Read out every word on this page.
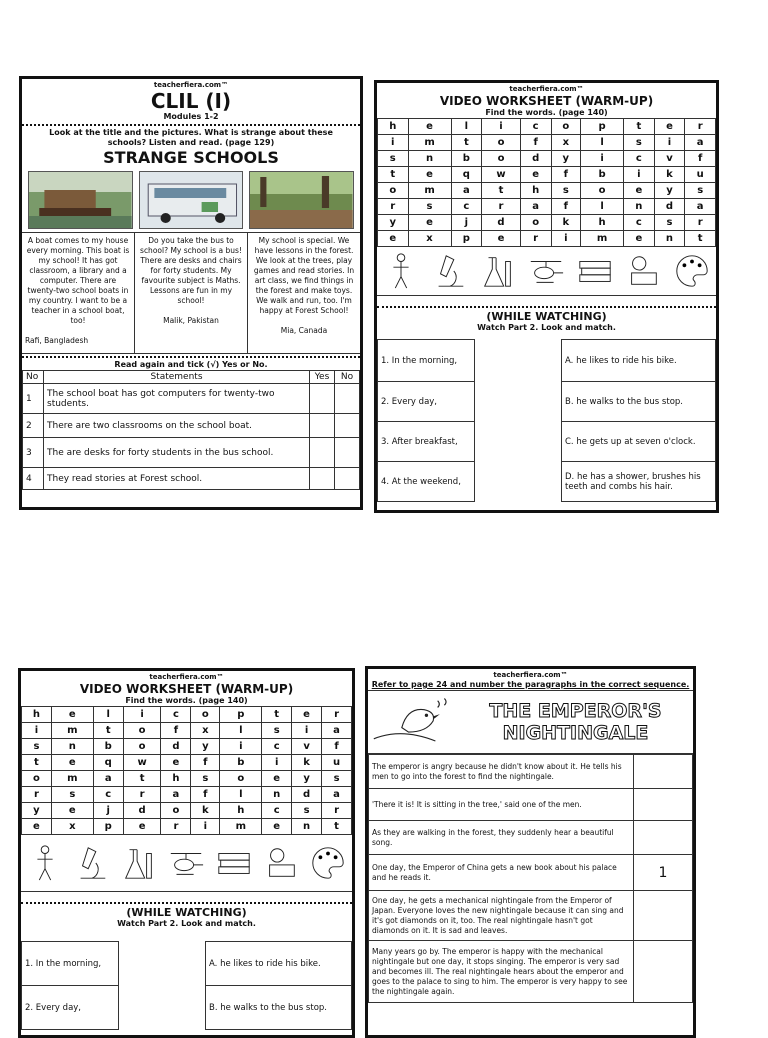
teacherfiera.com™
CLIL (I)
Modules 1-2
Look at the title and the pictures. What is strange about these schools? Listen and read. (page 129)
STRANGE SCHOOLS
A boat comes to my house every morning. This boat is my school! It has got classroom, a library and a computer. There are twenty-two school boats in my country. I want to be a teacher in a school boat, too!

Rafi, Bangladesh
Do you take the bus to school? My school is a bus! There are desks and chairs for forty students. My favourite subject is Maths. Lessons are fun in my school!

Malik, Pakistan
My school is special. We have lessons in the forest. We look at the trees, play games and read stories. In art class, we find things in the forest and make toys. We walk and run, too. I'm happy at Forest School!

Mia, Canada
Read again and tick (√) Yes or No.
No	Statements	Yes	No
1	The school boat has got computers for twenty-two students.		
2	There are two classrooms on the school boat.		
3	The are desks for forty students in the bus school.		
4	They read stories at Forest school.		
teacherfiera.com™
VIDEO WORKSHEET (WARM-UP)
Find the words. (page 140)
h	e	l	i	c	o	p	t	e	r
i	m	t	o	f	x	l	s	i	a
s	n	b	o	d	y	i	c	v	f
t	e	q	w	e	f	b	i	k	u
o	m	a	t	h	s	o	e	y	s
r	s	c	r	a	f	l	n	d	a
y	e	j	d	o	k	h	c	s	r
e	x	p	e	r	i	m	e	n	t
(WHILE WATCHING)
Watch Part 2. Look and match.
1. In the morning,		A. he likes to ride his bike.
2. Every day,		B. he walks to the bus stop.
3. After breakfast,		C. he gets up at seven o'clock.
4. At the weekend,		D. he has a shower, brushes his teeth and combs his hair.
teacherfiera.com™
VIDEO WORKSHEET (WARM-UP)
Find the words. (page 140)
h	e	l	i	c	o	p	t	e	r
i	m	t	o	f	x	l	s	i	a
s	n	b	o	d	y	i	c	v	f
t	e	q	w	e	f	b	i	k	u
o	m	a	t	h	s	o	e	y	s
r	s	c	r	a	f	l	n	d	a
y	e	j	d	o	k	h	c	s	r
e	x	p	e	r	i	m	e	n	t
(WHILE WATCHING)
Watch Part 2. Look and match.
1. In the morning,		A. he likes to ride his bike.
2. Every day,		B. he walks to the bus stop.
teacherfiera.com™
Refer to page 24 and number the paragraphs in the correct sequence.
THE EMPEROR'S
NIGHTINGALE
The emperor is angry because he didn't know about it. He tells his men to go into the forest to find the nightingale.	
'There it is! It is sitting in the tree,' said one of the men.	
As they are walking in the forest, they suddenly hear a beautiful song.	
One day, the Emperor of China gets a new book about his palace and he reads it.	1
One day, he gets a mechanical nightingale from the Emperor of Japan. Everyone loves the new nightingale because it can sing and it's got diamonds on it, too. The real nightingale hasn't got diamonds on it. It is sad and leaves.	
Many years go by. The emperor is happy with the mechanical nightingale but one day, it stops singing. The emperor is very sad and becomes ill. The real nightingale hears about the emperor and goes to the palace to sing to him. The emperor is very happy to see the nightingale again.	
